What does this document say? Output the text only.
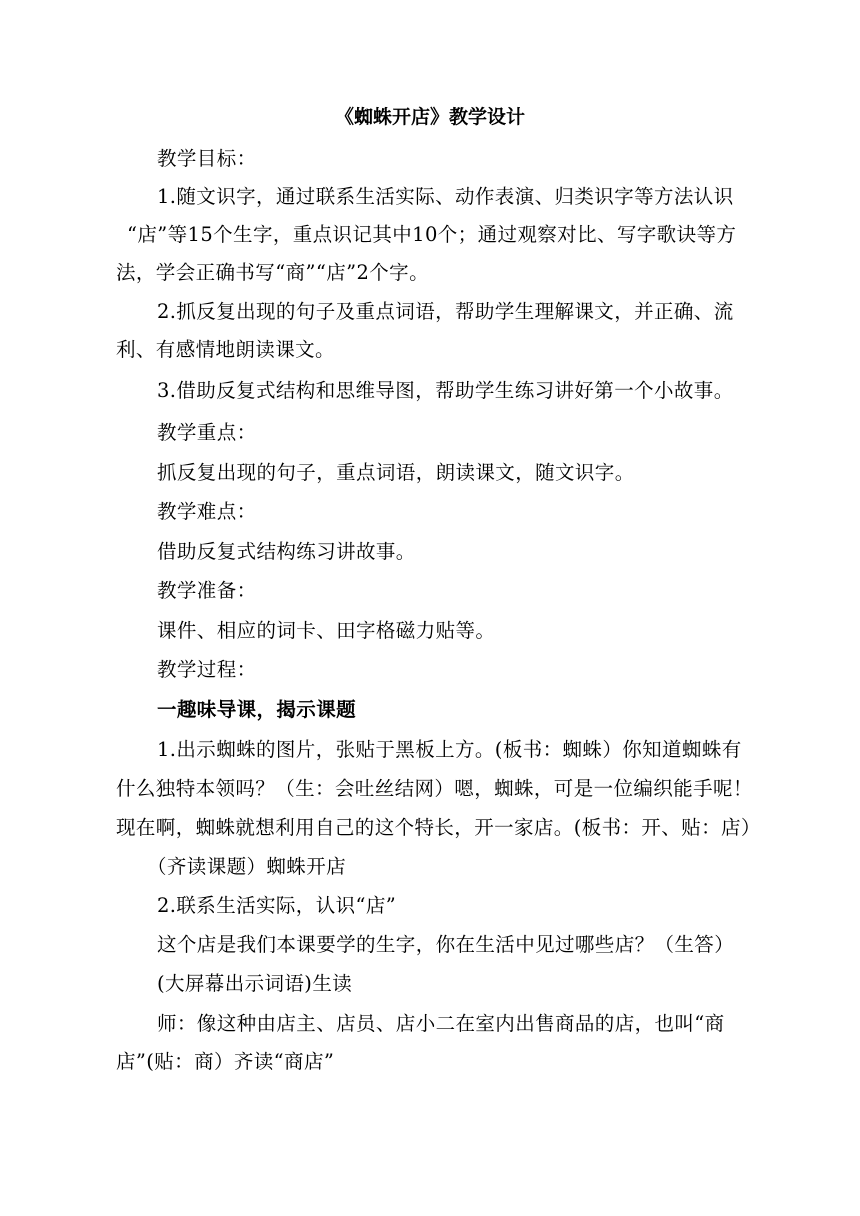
《蜘蛛开店》教学设计
教学目标：
1.随文识字，通过联系生活实际、动作表演、归类识字等方法认识
“店”等15个生字，重点识记其中10个；通过观察对比、写字歌诀等方
法，学会正确书写“商”“店”2个字。
2.抓反复出现的句子及重点词语，帮助学生理解课文，并正确、流
利、有感情地朗读课文。
3.借助反复式结构和思维导图，帮助学生练习讲好第一个小故事。
教学重点：
抓反复出现的句子，重点词语，朗读课文，随文识字。
教学难点：
借助反复式结构练习讲故事。
教学准备：
课件、相应的词卡、田字格磁力贴等。
教学过程：
一趣味导课，揭示课题
1.出示蜘蛛的图片，张贴于黑板上方。(板书：蜘蛛）你知道蜘蛛有
什么独特本领吗？（生：会吐丝结网）嗯，蜘蛛，可是一位编织能手呢！
现在啊，蜘蛛就想利用自己的这个特长，开一家店。(板书：开、贴：店）
（齐读课题）蜘蛛开店
2.联系生活实际，认识“店”
这个店是我们本课要学的生字，你在生活中见过哪些店？（生答）
(大屏幕出示词语)生读
师：像这种由店主、店员、店小二在室内出售商品的店，也叫“商
店”(贴：商）齐读“商店”
